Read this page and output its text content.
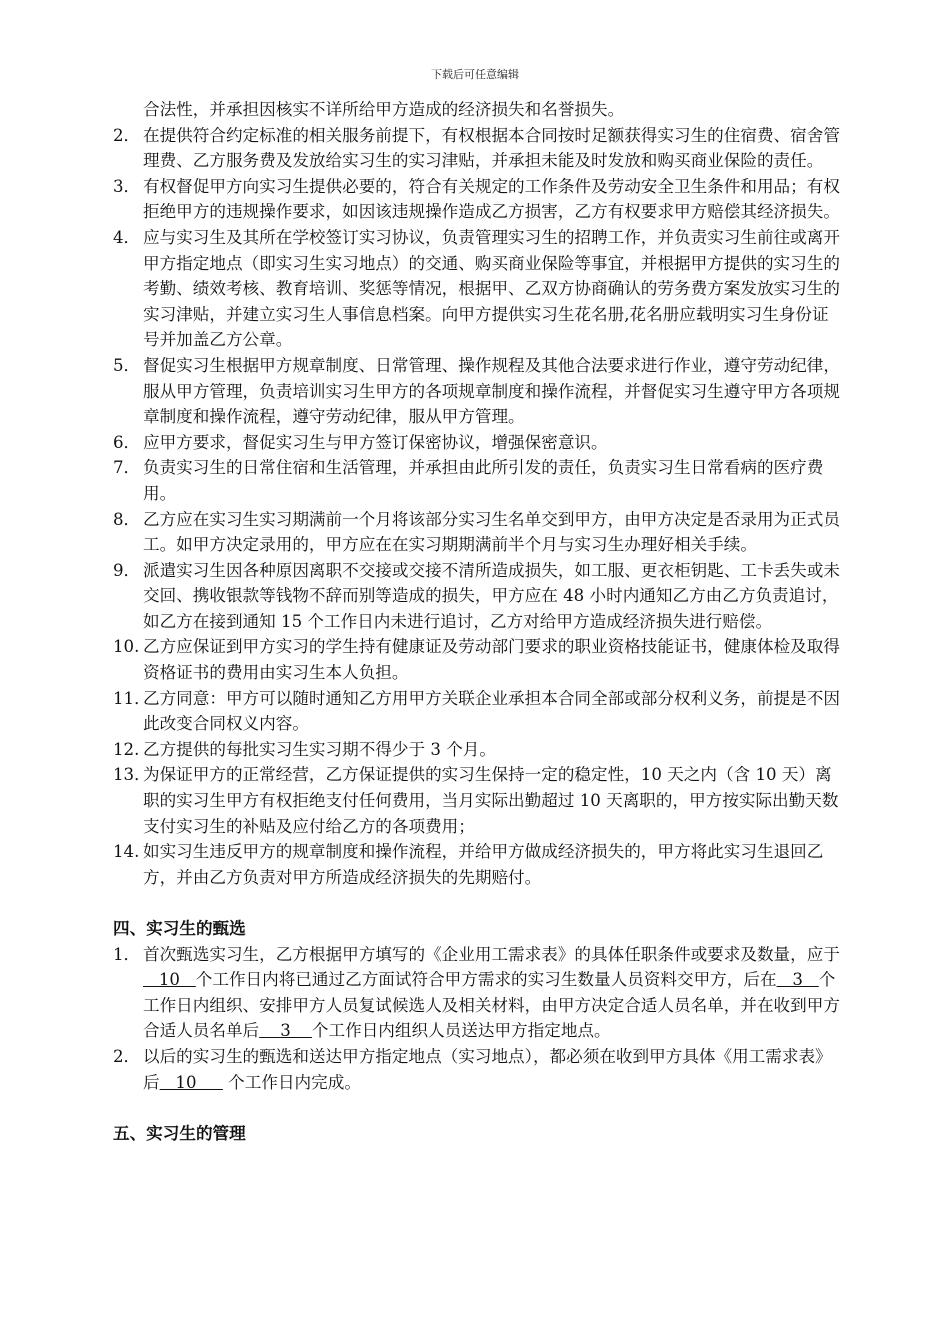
下载后可任意编辑
合法性，并承担因核实不详所给甲方造成的经济损失和名誉损失。
2． 在提供符合约定标准的相关服务前提下，有权根据本合同按时足额获得实习生的住宿费、宿舍管理费、乙方服务费及发放给实习生的实习津贴，并承担未能及时发放和购买商业保险的责任。
3． 有权督促甲方向实习生提供必要的，符合有关规定的工作条件及劳动安全卫生条件和用品；有权拒绝甲方的违规操作要求，如因该违规操作造成乙方损害，乙方有权要求甲方赔偿其经济损失。
4． 应与实习生及其所在学校签订实习协议，负责管理实习生的招聘工作，并负责实习生前往或离开甲方指定地点（即实习生实习地点）的交通、购买商业保险等事宜，并根据甲方提供的实习生的考勤、绩效考核、教育培训、奖惩等情况，根据甲、乙双方协商确认的劳务费方案发放实习生的实习津贴，并建立实习生人事信息档案。向甲方提供实习生花名册,花名册应载明实习生身份证号并加盖乙方公章。
5． 督促实习生根据甲方规章制度、日常管理、操作规程及其他合法要求进行作业，遵守劳动纪律，服从甲方管理，负责培训实习生甲方的各项规章制度和操作流程，并督促实习生遵守甲方各项规章制度和操作流程，遵守劳动纪律，服从甲方管理。
6． 应甲方要求，督促实习生与甲方签订保密协议，增强保密意识。
7． 负责实习生的日常住宿和生活管理，并承担由此所引发的责任，负责实习生日常看病的医疗费用。
8． 乙方应在实习生实习期满前一个月将该部分实习生名单交到甲方，由甲方决定是否录用为正式员工。如甲方决定录用的，甲方应在在实习期期满前半个月与实习生办理好相关手续。
9． 派遣实习生因各种原因离职不交接或交接不清所造成损失，如工服、更衣柜钥匙、工卡丢失或未交回、携收银款等钱物不辞而别等造成的损失，甲方应在 48 小时内通知乙方由乙方负责追讨，如乙方在接到通知 15 个工作日内未进行追讨，乙方对给甲方造成经济损失进行赔偿。
10. 乙方应保证到甲方实习的学生持有健康证及劳动部门要求的职业资格技能证书，健康体检及取得资格证书的费用由实习生本人负担。
11．
乙方同意：甲方可以随时通知乙方用甲方关联企业承担本合同全部或部分权利义务，前提是不因此改变合同权义内容。
12. 乙方提供的每批实习生实习期不得少于 3 个月。
13．
为保证甲方的正常经营，乙方保证提供的实习生保持一定的稳定性，10 天之内（含 10 天）离职的实习生甲方有权拒绝支付任何费用，当月实际出勤超过 10 天离职的，甲方按实际出勤天数支付实习生的补贴及应付给乙方的各项费用；
14. 如实习生违反甲方的规章制度和操作流程，并给甲方做成经济损失的，甲方将此实习生退回乙方，并由乙方负责对甲方所造成经济损失的先期赔付。
四、实习生的甄选
1． 首次甄选实习生，乙方根据甲方填写的《企业用工需求表》的具体任职条件或要求及数量，应于   10   个工作日内将已通过乙方面试符合甲方需求的实习生数量人员资料交甲方，后在   3   个工作日内组织、安排甲方人员复试候选人及相关材料，由甲方决定合适人员名单，并在收到甲方合适人员名单后    3    个工作日内组织人员送达甲方指定地点。
2． 以后的实习生的甄选和送达甲方指定地点（实习地点），都必须在收到甲方具体《用工需求表》后   10      个工作日内完成。
五、实习生的管理
